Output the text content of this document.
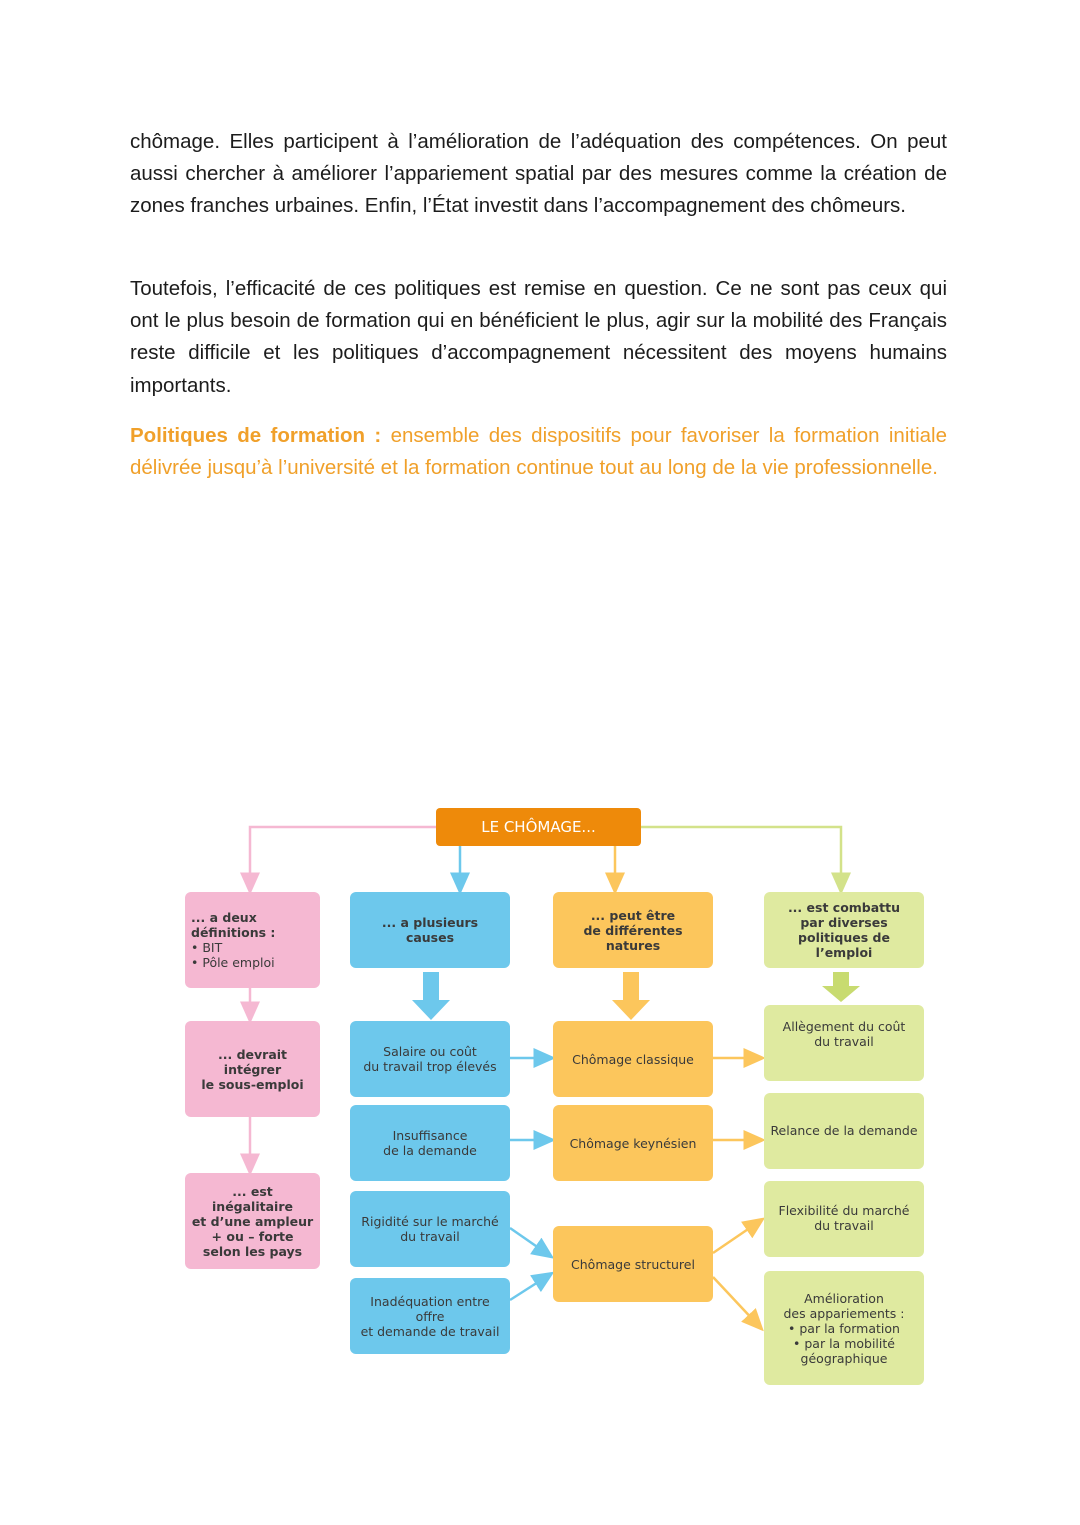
chômage. Elles participent à l’amélioration de l’adéquation des compétences. On peut aussi chercher à améliorer l’appariement spatial par des mesures comme la création de zones franches urbaines. Enfin, l’État investit dans l’accompagnement des chômeurs.

Toutefois, l’efficacité de ces politiques est remise en question. Ce ne sont pas ceux qui ont le plus besoin de formation qui en bénéficient le plus, agir sur la mobilité des Français reste difficile et les politiques d’accompagnement nécessitent des moyens humains importants.

Politiques de formation : ensemble des dispositifs pour favoriser la formation initiale délivrée jusqu’à l’université et la formation continue tout au long de la vie professionnelle.

LE CHÔMAGE...
... a deux définitions :
• BIT
• Pôle emploi
... devrait intégrer
le sous-emploi
... est inégalitaire
et d’une ampleur
+ ou – forte
selon les pays
... a plusieurs causes
Salaire ou coût
du travail trop élevés
Insuffisance
de la demande
Rigidité sur le marché
du travail
Inadéquation entre offre
et demande de travail
... peut être
de différentes natures
Chômage classique
Chômage keynésien
Chômage structurel
... est combattu
par diverses
politiques de l’emploi
Allègement du coût
du travail
Relance de la demande
Flexibilité du marché
du travail
Amélioration
des appariements :
• par la formation
• par la mobilité
géographique
